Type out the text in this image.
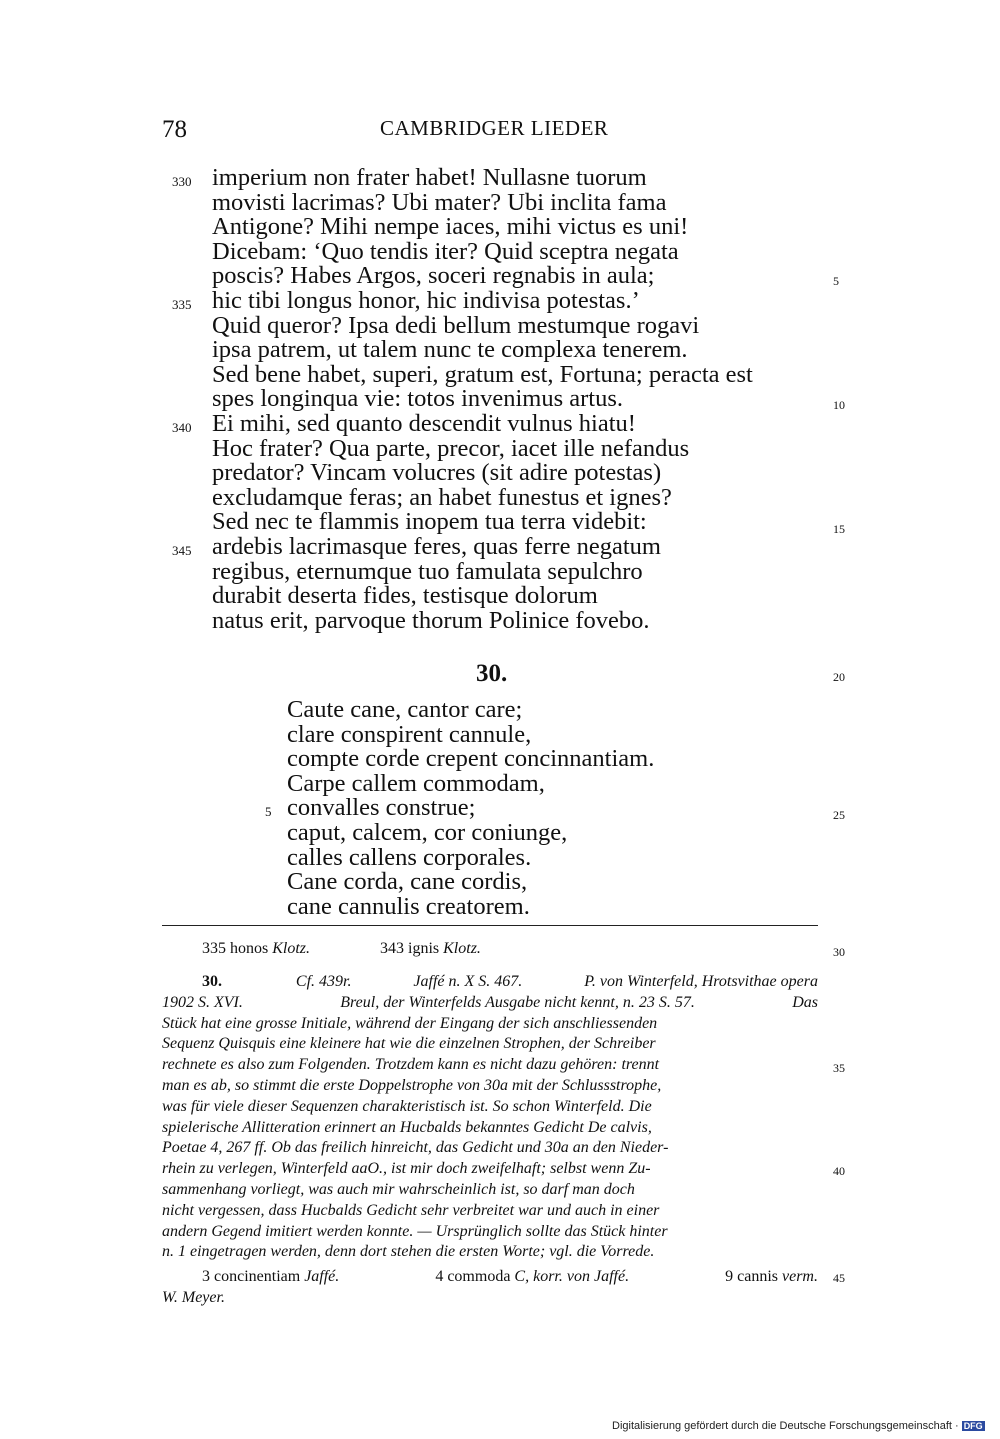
78	CAMBRIDGER LIEDER
330 imperium non frater habet! Nullasne tuorum
movisti lacrimas? Ubi mater? Ubi inclita fama
Antigone? Mihi nempe iaces, mihi victus es uni!
Dicebam: ‘Quo tendis iter? Quid sceptra negata
poscis? Habes Argos, soceri regnabis in aula;
335 hic tibi longus honor, hic indivisa potestas.’
Quid queror? Ipsa dedi bellum mestumque rogavi
ipsa patrem, ut talem nunc te complexa tenerem.
Sed bene habet, superi, gratum est, Fortuna; peracta est
spes longinqua vie: totos invenimus artus.
340 Ei mihi, sed quanto descendit vulnus hiatu!
Hoc frater? Qua parte, precor, iacet ille nefandus
predator? Vincam volucres (sit adire potestas)
excludamque feras; an habet funestus et ignes?
Sed nec te flammis inopem tua terra videbit:
345 ardebis lacrimasque feres, quas ferre negatum
regibus, eternumque tuo famulata sepulchro
durabit deserta fides, testisque dolorum
natus erit, parvoque thorum Polinice fovebo.
30.
Caute cane, cantor care;
clare conspirent cannule,
compte corde crepent concinnantiam.
Carpe callem commodam,
5 convalles construe;
caput, calcem, cor coniunge,
calles callens corporales.
Cane corda, cane cordis,
cane cannulis creatorem.
5
10
15
20
25
30
35
40
45
335 honos Klotz.	343 ignis Klotz.
30.	Cf. 439r.	Jaffé n. X S. 467.	P. von Winterfeld, Hrotsvithae opera
1902 S. XVI.	Breul, der Winterfelds Ausgabe nicht kennt, n. 23 S. 57.	Das
Stück hat eine grosse Initiale, während der Eingang der sich anschliessenden
Sequenz Quisquis eine kleinere hat wie die einzelnen Strophen, der Schreiber
rechnete es also zum Folgenden. Trotzdem kann es nicht dazu gehören: trennt
man es ab, so stimmt die erste Doppelstrophe von 30a mit der Schlussstrophe,
was für viele dieser Sequenzen charakteristisch ist. So schon Winterfeld. Die
spielerische Allitteration erinnert an Hucbalds bekanntes Gedicht De calvis,
Poetae 4, 267 ff. Ob das freilich hinreicht, das Gedicht und 30a an den Nieder-
rhein zu verlegen, Winterfeld aaO., ist mir doch zweifelhaft; selbst wenn Zu-
sammenhang vorliegt, was auch mir wahrscheinlich ist, so darf man doch
nicht vergessen, dass Hucbalds Gedicht sehr verbreitet war und auch in einer
andern Gegend imitiert werden konnte. — Ursprünglich sollte das Stück hinter
n. 1 eingetragen werden, denn dort stehen die ersten Worte; vgl. die Vorrede.
3 concinentiam Jaffé.	4 commoda C, korr. von Jaffé.	9 cannis verm.
W. Meyer.
Digitalisierung gefördert durch die Deutsche Forschungsgemeinschaft · DFG
